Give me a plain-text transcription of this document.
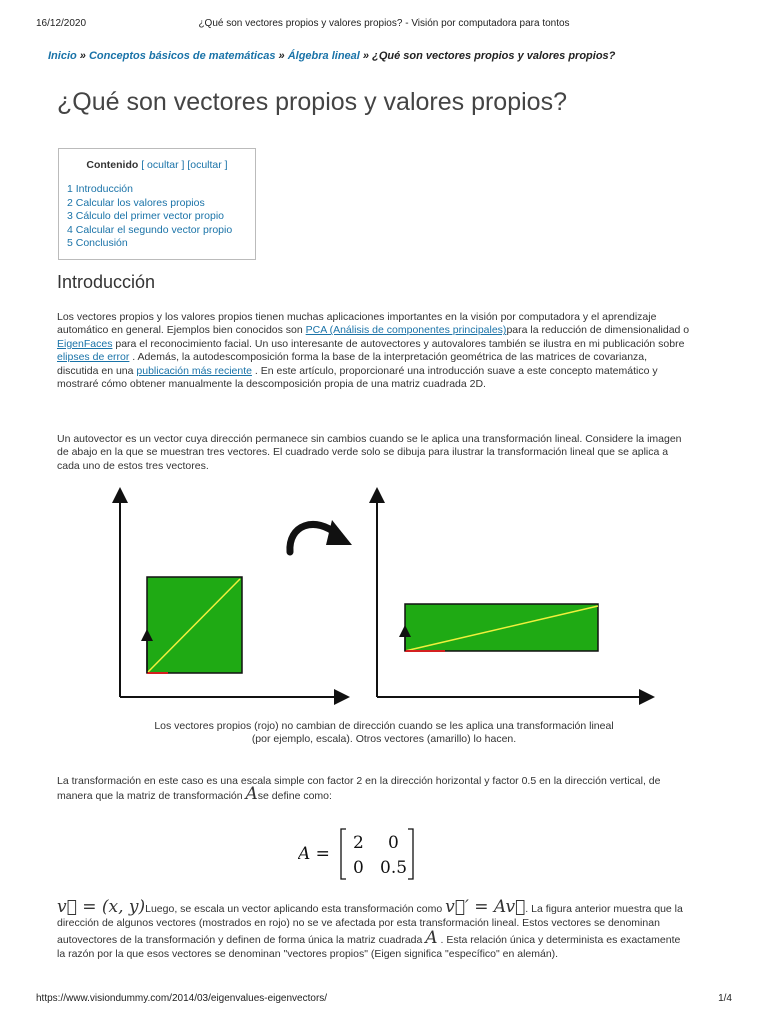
16/12/2020	¿Qué son vectores propios y valores propios? - Visión por computadora para tontos
Inicio » Conceptos básicos de matemáticas » Álgebra lineal » ¿Qué son vectores propios y valores propios?
¿Qué son vectores propios y valores propios?
Contenido [ ocultar ] [ocultar ]
1 Introducción
2 Calcular los valores propios
3 Cálculo del primer vector propio
4 Calcular el segundo vector propio
5 Conclusión
Introducción
Los vectores propios y los valores propios tienen muchas aplicaciones importantes en la visión por computadora y el aprendizaje automático en general. Ejemplos bien conocidos son PCA (Análisis de componentes principales)para la reducción de dimensionalidad o EigenFaces para el reconocimiento facial. Un uso interesante de autovectores y autovalores también se ilustra en mi publicación sobre elipses de error . Además, la autodescomposición forma la base de la interpretación geométrica de las matrices de covarianza, discutida en una publicación más reciente . En este artículo, proporcionaré una introducción suave a este concepto matemático y mostraré cómo obtener manualmente la descomposición propia de una matriz cuadrada 2D.
Un autovector es un vector cuya dirección permanece sin cambios cuando se le aplica una transformación lineal. Considere la imagen de abajo en la que se muestran tres vectores. El cuadrado verde solo se dibuja para ilustrar la transformación lineal que se aplica a cada uno de estos tres vectores.
Los vectores propios (rojo) no cambian de dirección cuando se les aplica una transformación lineal
(por ejemplo, escala). Otros vectores (amarillo) lo hacen.
La transformación en este caso es una escala simple con factor 2 en la dirección horizontal y factor 0.5 en la dirección vertical, de manera que la matriz de transformación Ase define como:
A =
2 0
0 0.5
v⃗ = (x, y)Luego, se escala un vector aplicando esta transformación como v⃗′ = Av⃗. La figura anterior muestra que la dirección de algunos vectores (mostrados en rojo) no se ve afectada por esta transformación lineal. Estos vectores se denominan autovectores de la transformación y definen de forma única la matriz cuadrada A . Esta relación única y determinista es exactamente la razón por la que esos vectores se denominan "vectores propios" (Eigen significa "específico" en alemán).
https://www.visiondummy.com/2014/03/eigenvalues-eigenvectors/	1/4
